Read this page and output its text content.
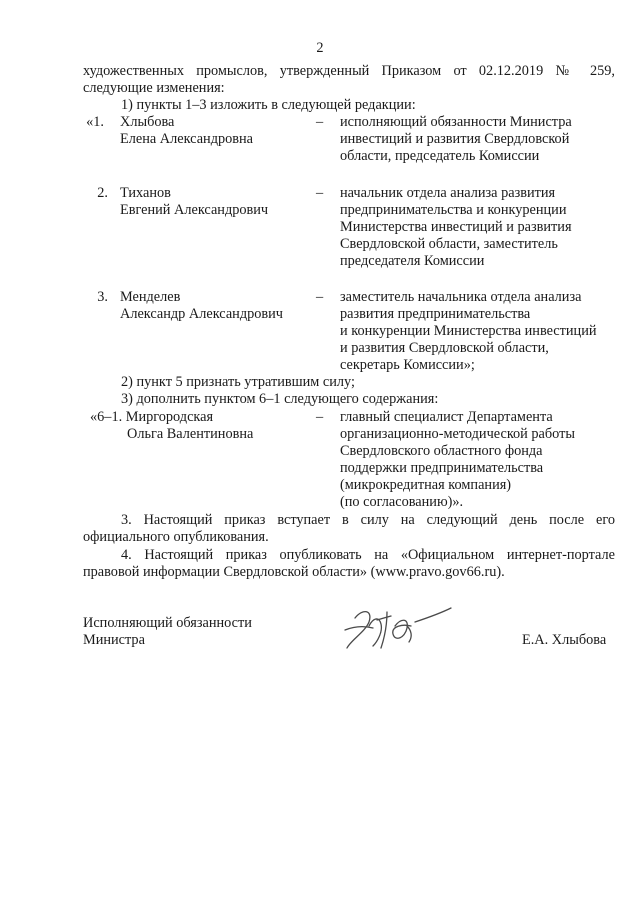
2
художественных промыслов, утвержденный Приказом от 02.12.2019 № 259,
следующие изменения:
1) пункты 1–3 изложить в следующей редакции:
«1. Хлыбова
Елена Александровна
– исполняющий обязанности Министра
инвестиций и развития Свердловской
области, председатель Комиссии
2. Тиханов
Евгений Александрович
– начальник отдела анализа развития
предпринимательства и конкуренции
Министерства инвестиций и развития
Свердловской области, заместитель
председателя Комиссии
3. Менделев
Александр Александрович
– заместитель начальника отдела анализа
развития предпринимательства
и конкуренции Министерства инвестиций
и развития Свердловской области,
секретарь Комиссии»;
2) пункт 5 признать утратившим силу;
3) дополнить пунктом 6–1 следующего содержания:
«6–1. Миргородская
Ольга Валентиновна
– главный специалист Департамента
организационно-методической работы
Свердловского областного фонда
поддержки предпринимательства
(микрокредитная компания)
(по согласованию)».
3. Настоящий приказ вступает в силу на следующий день после его
официального опубликования.
4. Настоящий приказ опубликовать на «Официальном интернет-портале
правовой информации Свердловской области» (www.pravo.gov66.ru).
Исполняющий обязанности
Министра	Е.А. Хлыбова
